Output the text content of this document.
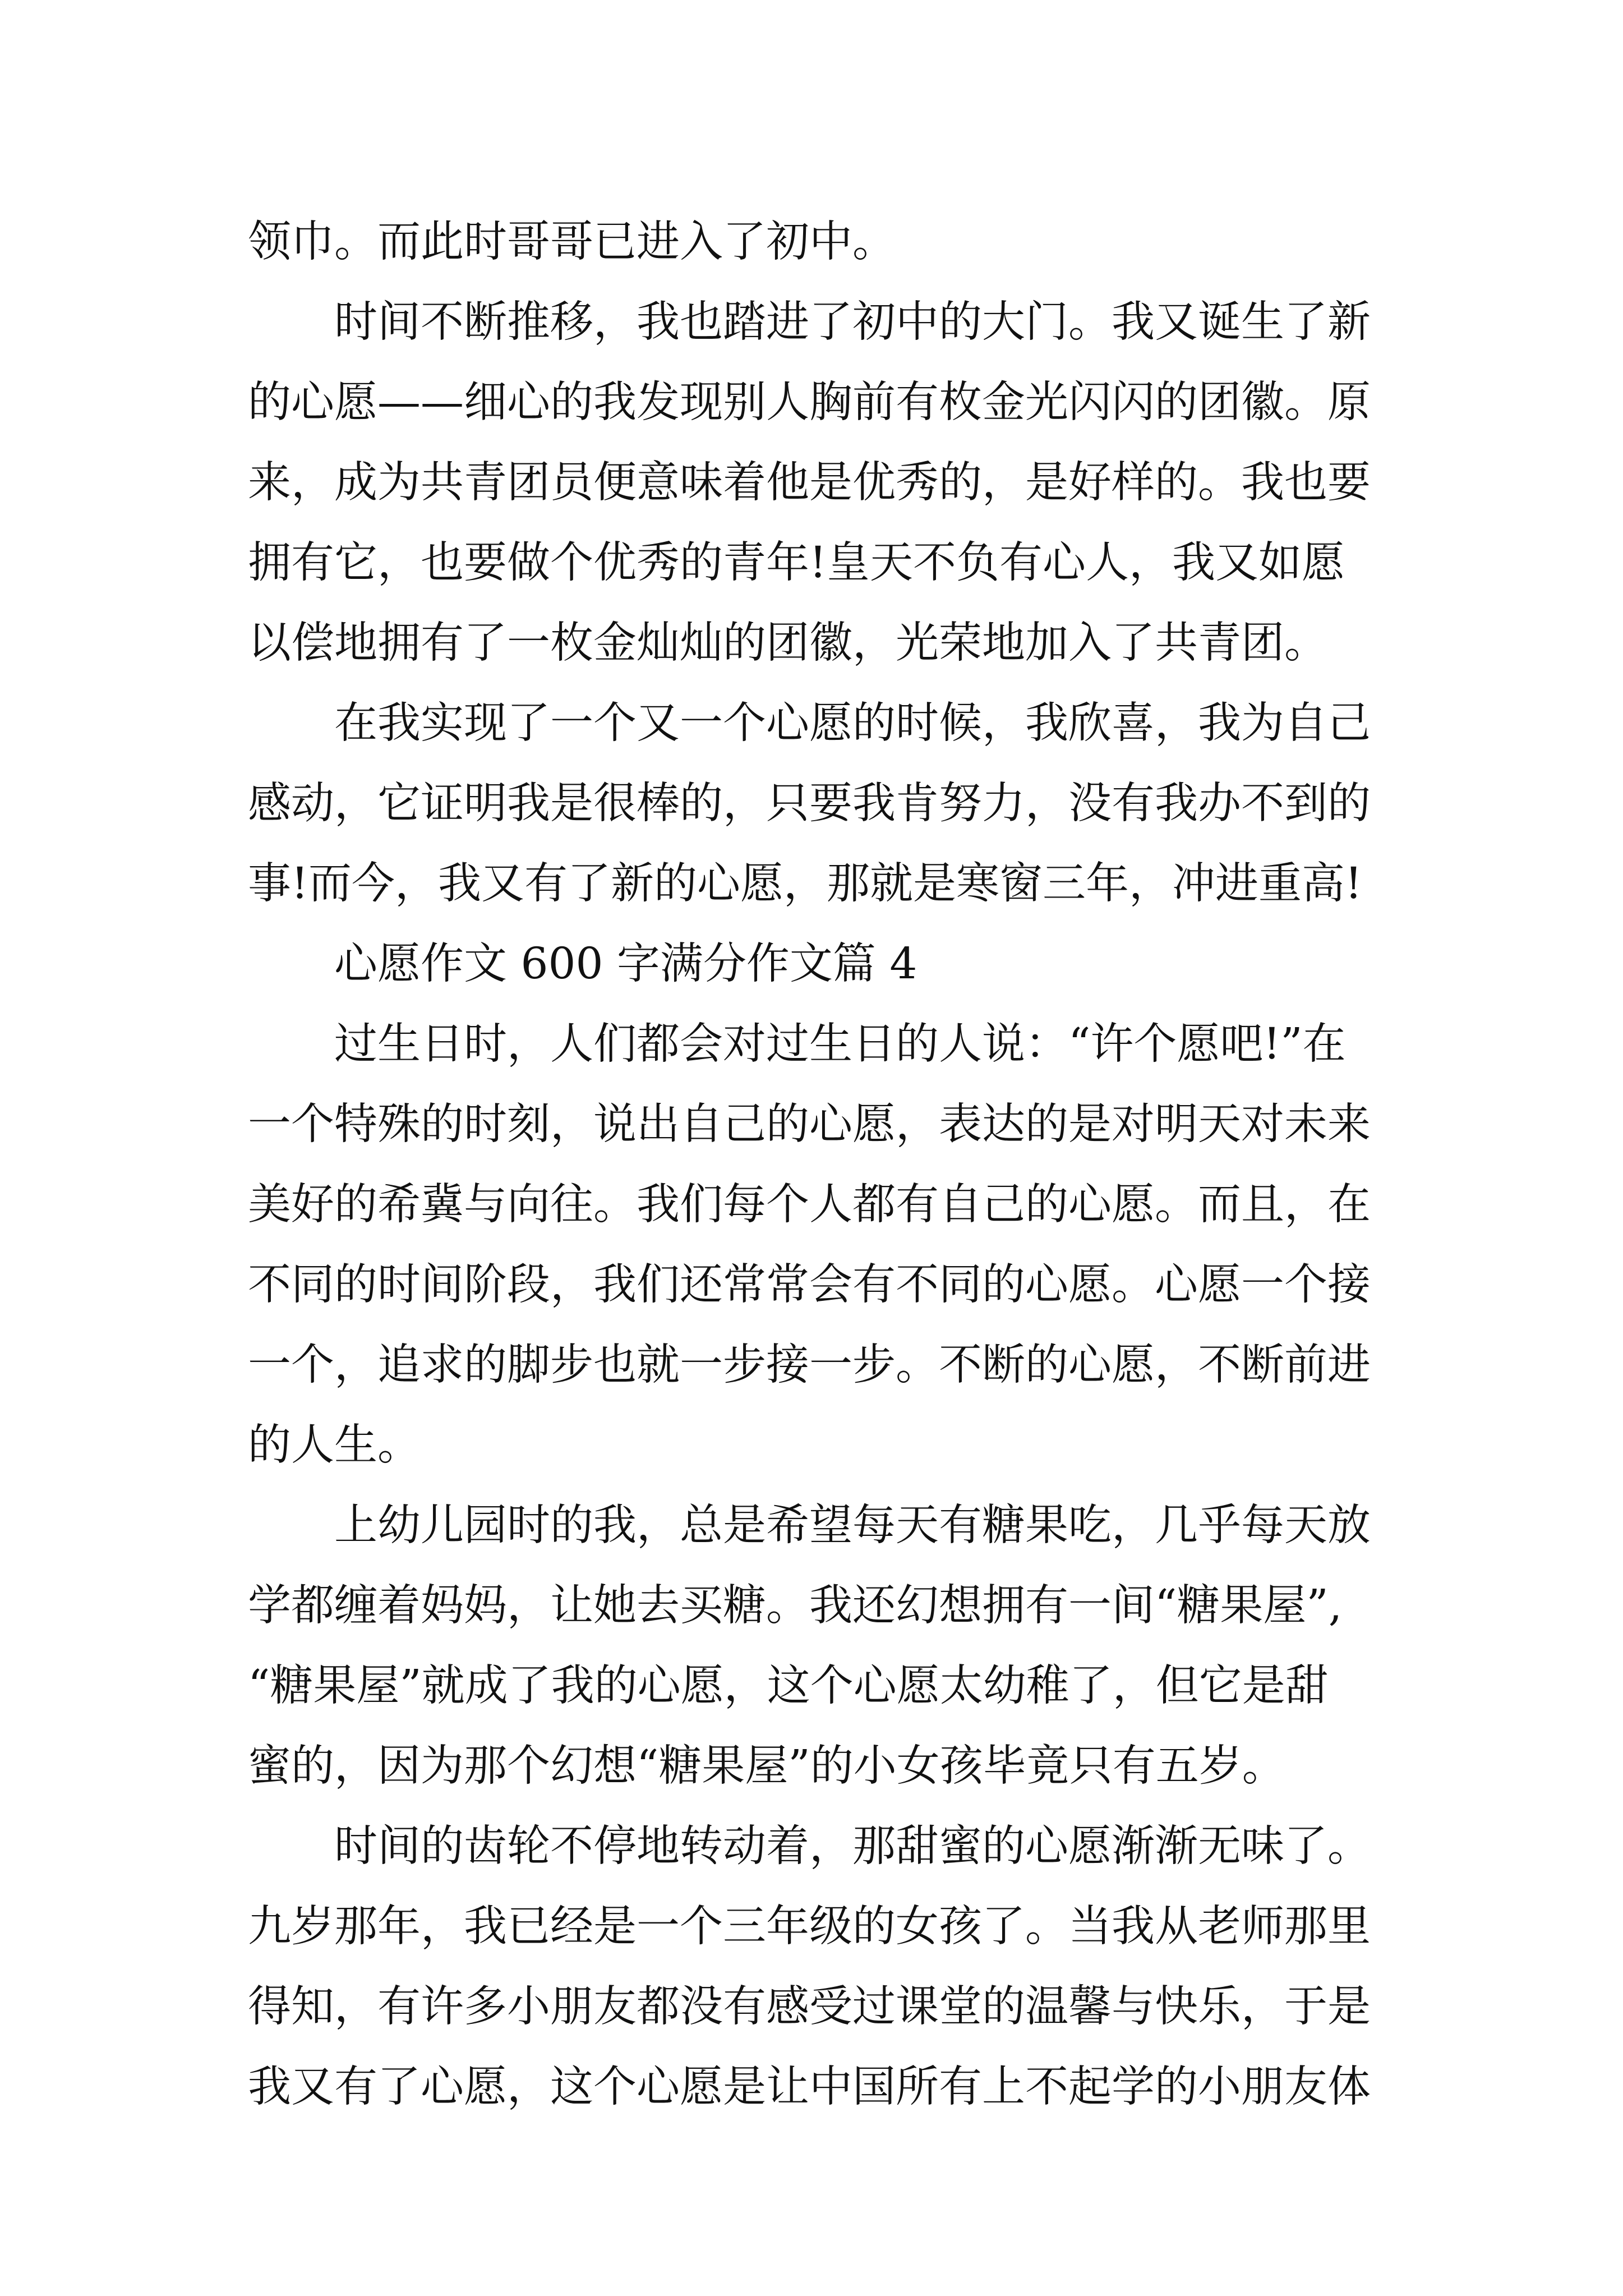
领巾。而此时哥哥已进入了初中。
时间不断推移，我也踏进了初中的大门。我又诞生了新
的心愿——细心的我发现别人胸前有枚金光闪闪的团徽。原
来，成为共青团员便意味着他是优秀的，是好样的。我也要
拥有它，也要做个优秀的青年!皇天不负有心人，我又如愿
以偿地拥有了一枚金灿灿的团徽，光荣地加入了共青团。
在我实现了一个又一个心愿的时候，我欣喜，我为自己
感动，它证明我是很棒的，只要我肯努力，没有我办不到的
事!而今，我又有了新的心愿，那就是寒窗三年，冲进重高!
心愿作文 600 字满分作文篇 4
过生日时，人们都会对过生日的人说：“许个愿吧!”在
一个特殊的时刻，说出自己的心愿，表达的是对明天对未来
美好的希冀与向往。我们每个人都有自己的心愿。而且，在
不同的时间阶段，我们还常常会有不同的心愿。心愿一个接
一个，追求的脚步也就一步接一步。不断的心愿，不断前进
的人生。
上幼儿园时的我，总是希望每天有糖果吃，几乎每天放
学都缠着妈妈，让她去买糖。我还幻想拥有一间“糖果屋”,
“糖果屋”就成了我的心愿，这个心愿太幼稚了，但它是甜
蜜的，因为那个幻想“糖果屋”的小女孩毕竟只有五岁。
时间的齿轮不停地转动着，那甜蜜的心愿渐渐无味了。
九岁那年，我已经是一个三年级的女孩了。当我从老师那里
得知，有许多小朋友都没有感受过课堂的温馨与快乐，于是
我又有了心愿，这个心愿是让中国所有上不起学的小朋友体
